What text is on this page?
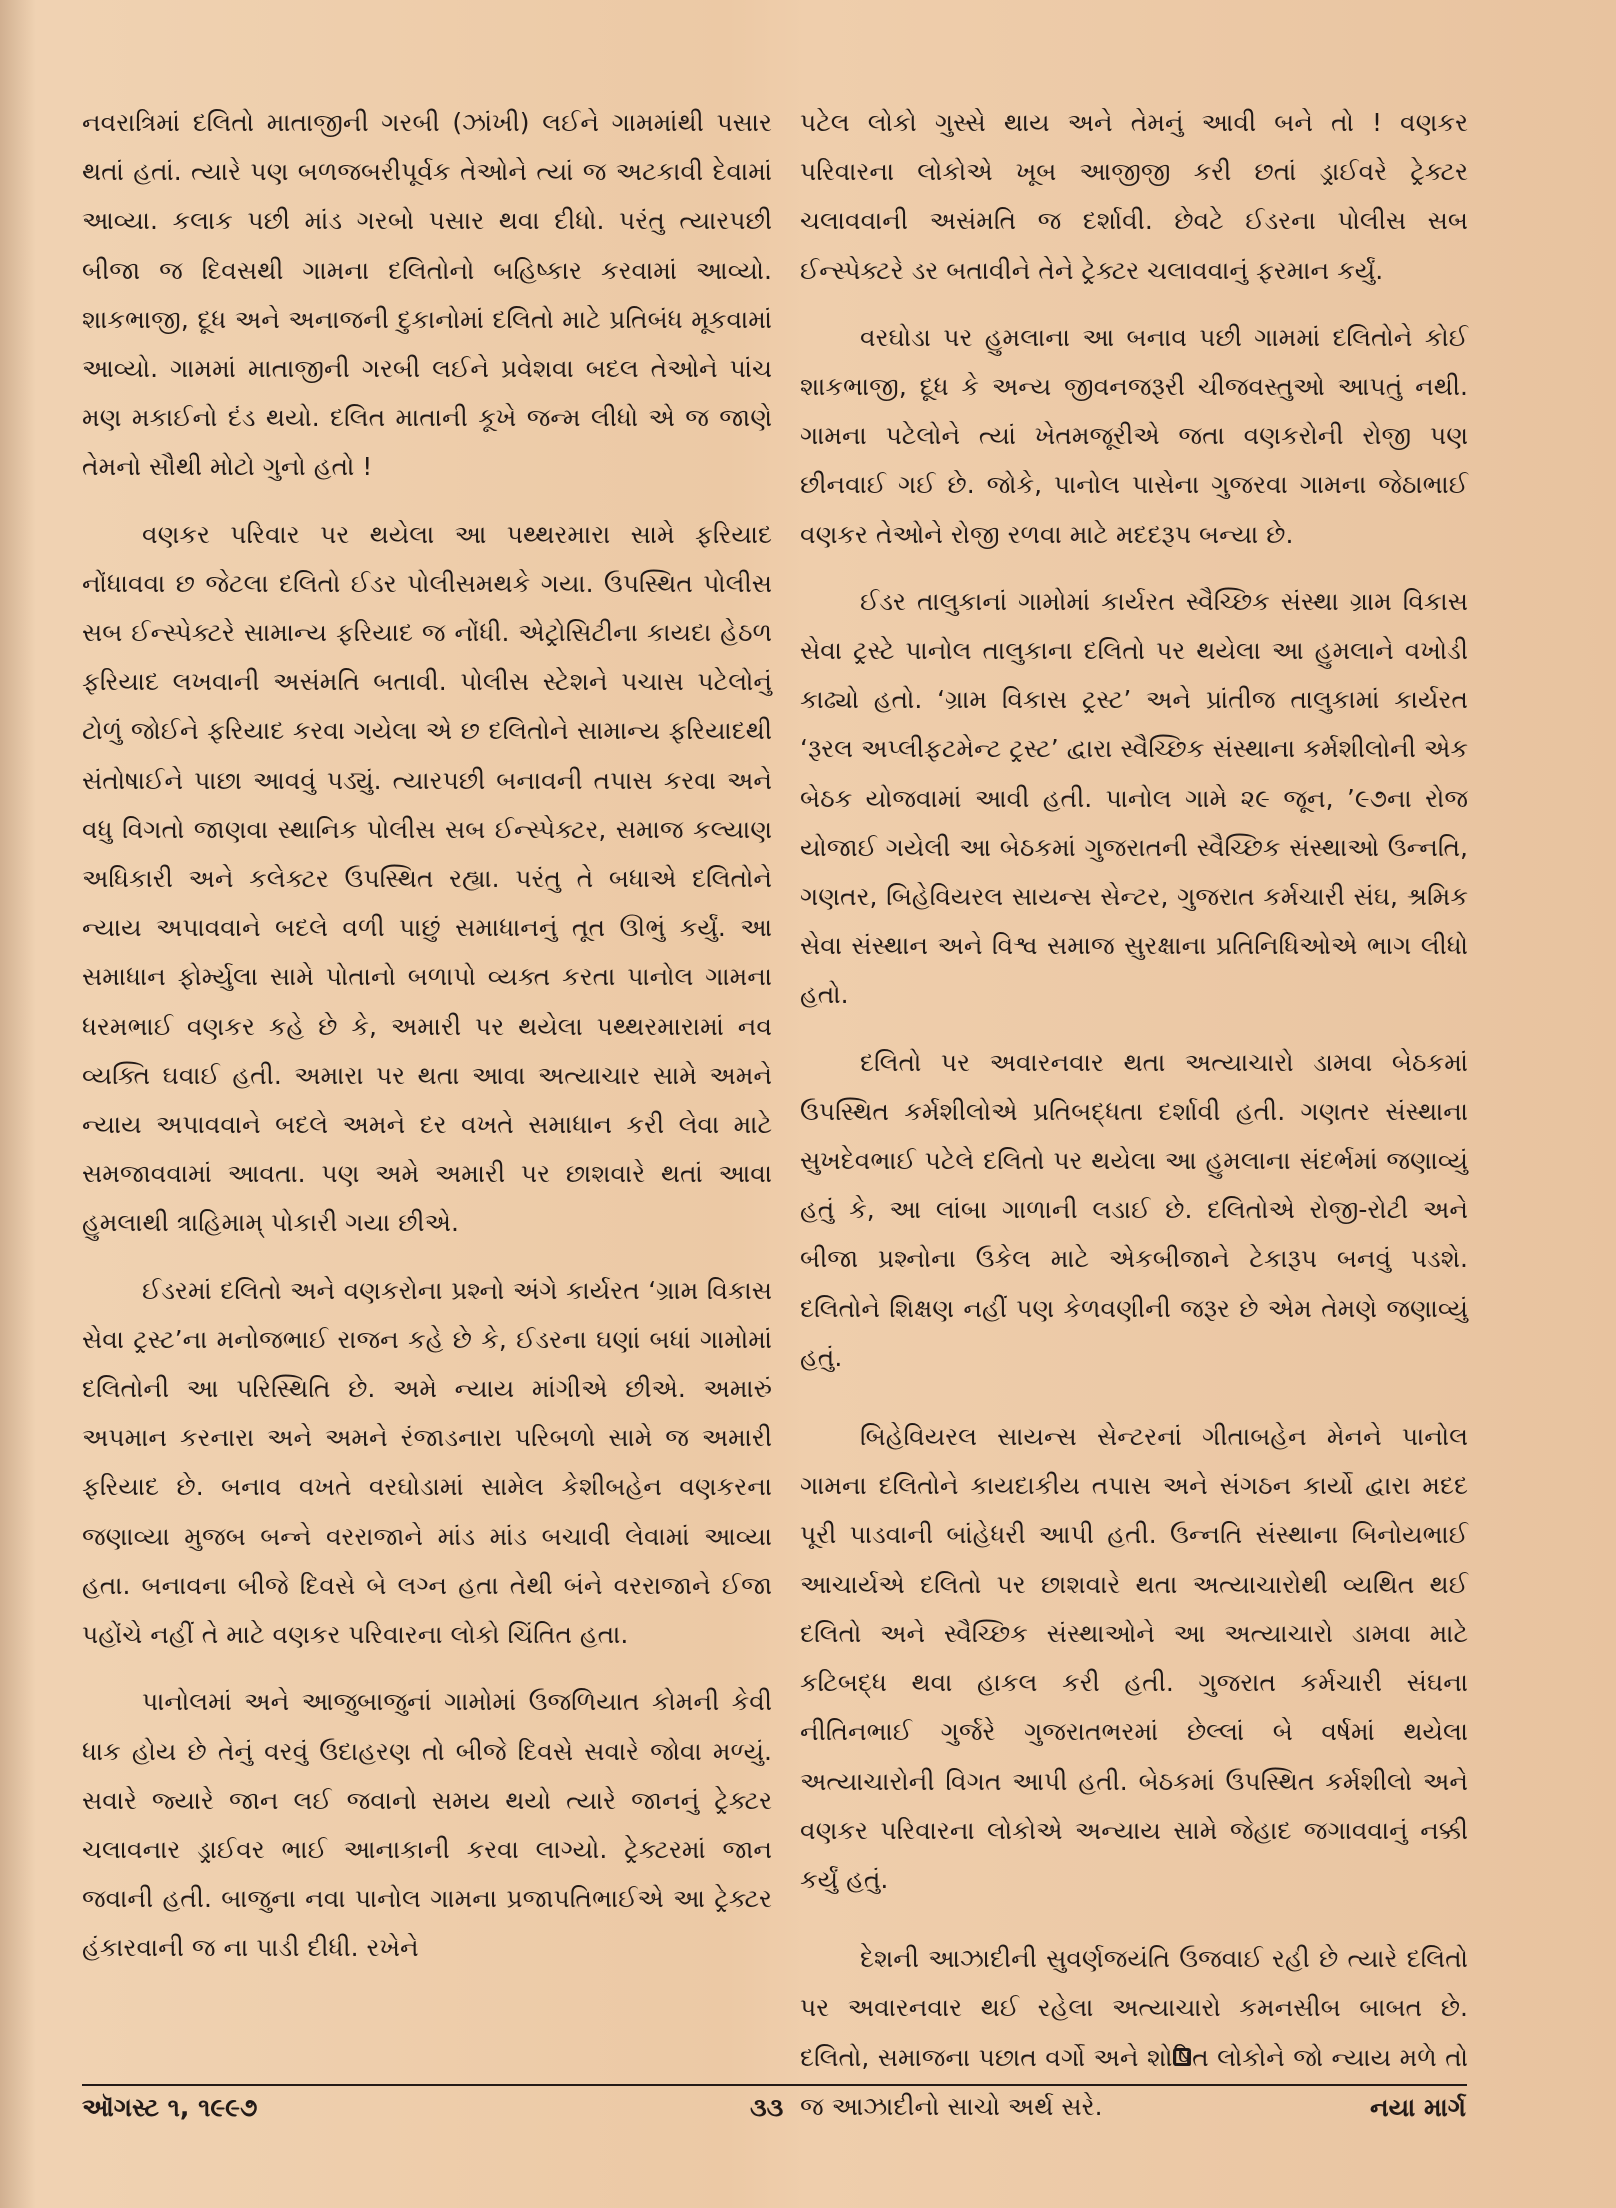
નવરાત્રિમાં દલિતો માતાજીની ગરબી (ઝાંખી) લઈને ગામમાંથી પસાર થતાં હતાં. ત્યારે પણ બળજબરીપૂર્વક તેઓને ત્યાં જ અટકાવી દેવામાં આવ્યા. કલાક પછી માંડ ગરબો પસાર થવા દીધો. પરંતુ ત્યારપછી બીજા જ દિવસથી ગામના દલિતોનો બહિષ્કાર કરવામાં આવ્યો. શાકભાજી, દૂધ અને અનાજની દુકાનોમાં દલિતો માટે પ્રતિબંધ મૂકવામાં આવ્યો. ગામમાં માતાજીની ગરબી લઈને પ્રવેશવા બદલ તેઓને પાંચ મણ મકાઈનો દંડ થયો. દલિત માતાની કૂખે જન્મ લીધો એ જ જાણે તેમનો સૌથી મોટો ગુનો હતો !

વણકર પરિવાર પર થયેલા આ પથ્થરમારા સામે ફરિયાદ નોંધાવવા છ જેટલા દલિતો ઈડર પોલીસમથકે ગયા. ઉપસ્થિત પોલીસ સબ ઈન્સ્પેક્ટરે સામાન્ય ફરિયાદ જ નોંધી. એટ્રોસિટીના કાયદા હેઠળ ફરિયાદ લખવાની અસંમતિ બતાવી. પોલીસ સ્ટેશને પચાસ પટેલોનું ટોળું જોઈને ફરિયાદ કરવા ગયેલા એ છ દલિતોને સામાન્ય ફરિયાદથી સંતોષાઈને પાછા આવવું પડ્યું. ત્યારપછી બનાવની તપાસ કરવા અને વધુ વિગતો જાણવા સ્થાનિક પોલીસ સબ ઈન્સ્પેક્ટર, સમાજ કલ્યાણ અધિકારી અને કલેક્ટર ઉપસ્થિત રહ્યા. પરંતુ તે બધાએ દલિતોને ન્યાય અપાવવાને બદલે વળી પાછું સમાધાનનું તૂત ઊભું કર્યું. આ સમાધાન ફોર્મ્યુલા સામે પોતાનો બળાપો વ્યક્ત કરતા પાનોલ ગામના ધરમભાઈ વણકર કહે છે કે, અમારી પર થયેલા પથ્થરમારામાં નવ વ્યક્તિ ઘવાઈ હતી. અમારા પર થતા આવા અત્યાચાર સામે અમને ન્યાય અપાવવાને બદલે અમને દર વખતે સમાધાન કરી લેવા માટે સમજાવવામાં આવતા. પણ અમે અમારી પર છાશવારે થતાં આવા હુમલાથી ત્રાહિમામ્ પોકારી ગયા છીએ.

ઈડરમાં દલિતો અને વણકરોના પ્રશ્નો અંગે કાર્યરત ‘ગ્રામ વિકાસ સેવા ટ્રસ્ટ’ના મનોજભાઈ રાજન કહે છે કે, ઈડરના ઘણાં બધાં ગામોમાં દલિતોની આ પરિસ્થિતિ છે. અમે ન્યાય માંગીએ છીએ. અમારું અપમાન કરનારા અને અમને રંજાડનારા પરિબળો સામે જ અમારી ફરિયાદ છે. બનાવ વખતે વરઘોડામાં સામેલ કેશીબહેન વણકરના જણાવ્યા મુજબ બન્ને વરરાજાને માંડ માંડ બચાવી લેવામાં આવ્યા હતા. બનાવના બીજે દિવસે બે લગ્ન હતા તેથી બંને વરરાજાને ઈજા પહોંચે નહીં તે માટે વણકર પરિવારના લોકો ચિંતિત હતા.

પાનોલમાં અને આજુબાજુનાં ગામોમાં ઉજળિયાત કોમની કેવી ધાક હોય છે તેનું વરવું ઉદાહરણ તો બીજે દિવસે સવારે જોવા મળ્યું. સવારે જ્યારે જાન લઈ જવાનો સમય થયો ત્યારે જાનનું ટ્રેક્ટર ચલાવનાર ડ્રાઈવર ભાઈ આનાકાની કરવા લાગ્યો. ટ્રેક્ટરમાં જાન જવાની હતી. બાજુના નવા પાનોલ ગામના પ્રજાપતિભાઈએ આ ટ્રેક્ટર હંકારવાની જ ના પાડી દીધી. રખેને

પટેલ લોકો ગુસ્સે થાય અને તેમનું આવી બને તો ! વણકર પરિવારના લોકોએ ખૂબ આજીજી કરી છતાં ડ્રાઈવરે ટ્રેક્ટર ચલાવવાની અસંમતિ જ દર્શાવી. છેવટે ઈડરના પોલીસ સબ ઈન્સ્પેક્ટરે ડર બતાવીને તેને ટ્રેક્ટર ચલાવવાનું ફરમાન કર્યું.

વરઘોડા પર હુમલાના આ બનાવ પછી ગામમાં દલિતોને કોઈ શાકભાજી, દૂધ કે અન્ય જીવનજરૂરી ચીજવસ્તુઓ આપતું નથી. ગામના પટેલોને ત્યાં ખેતમજૂરીએ જતા વણકરોની રોજી પણ છીનવાઈ ગઈ છે. જોકે, પાનોલ પાસેના ગુજરવા ગામના જેઠાભાઈ વણકર તેઓને રોજી રળવા માટે મદદરૂપ બન્યા છે.

ઈડર તાલુકાનાં ગામોમાં કાર્યરત સ્વૈચ્છિક સંસ્થા ગ્રામ વિકાસ સેવા ટ્રસ્ટે પાનોલ તાલુકાના દલિતો પર થયેલા આ હુમલાને વખોડી કાઢ્યો હતો. ‘ગ્રામ વિકાસ ટ્રસ્ટ’ અને પ્રાંતીજ તાલુકામાં કાર્યરત ‘રૂરલ અપ્લીફટમેન્ટ ટ્રસ્ટ’ દ્વારા સ્વૈચ્છિક સંસ્થાના કર્મશીલોની એક બેઠક યોજવામાં આવી હતી. પાનોલ ગામે ૨૯ જૂન, ’૯૭ના રોજ યોજાઈ ગયેલી આ બેઠકમાં ગુજરાતની સ્વૈચ્છિક સંસ્થાઓ ઉન્નતિ, ગણતર, બિહેવિયરલ સાયન્સ સેન્ટર, ગુજરાત કર્મચારી સંઘ, શ્રમિક સેવા સંસ્થાન અને વિશ્વ સમાજ સુરક્ષાના પ્રતિનિધિઓએ ભાગ લીધો હતો.

દલિતો પર અવારનવાર થતા અત્યાચારો ડામવા બેઠકમાં ઉપસ્થિત કર્મશીલોએ પ્રતિબદ્ધતા દર્શાવી હતી. ગણતર સંસ્થાના સુખદેવભાઈ પટેલે દલિતો પર થયેલા આ હુમલાના સંદર્ભમાં જણાવ્યું હતું કે, આ લાંબા ગાળાની લડાઈ છે. દલિતોએ રોજી-રોટી અને બીજા પ્રશ્નોના ઉકેલ માટે એકબીજાને ટેકારૂપ બનવું પડશે. દલિતોને શિક્ષણ નહીં પણ કેળવણીની જરૂર છે એમ તેમણે જણાવ્યું હતું.

બિહેવિયરલ સાયન્સ સેન્ટરનાં ગીતાબહેન મેનને પાનોલ ગામના દલિતોને કાયદાકીય તપાસ અને સંગઠન કાર્યો દ્વારા મદદ પૂરી પાડવાની બાંહેધરી આપી હતી. ઉન્નતિ સંસ્થાના બિનોયભાઈ આચાર્યએ દલિતો પર છાશવારે થતા અત્યાચારોથી વ્યથિત થઈ દલિતો અને સ્વૈચ્છિક સંસ્થાઓને આ અત્યાચારો ડામવા માટે કટિબદ્ધ થવા હાકલ કરી હતી. ગુજરાત કર્મચારી સંઘના નીતિનભાઈ ગુર્જરે ગુજરાતભરમાં છેલ્લાં બે વર્ષમાં થયેલા અત્યાચારોની વિગત આપી હતી. બેઠકમાં ઉપસ્થિત કર્મશીલો અને વણકર પરિવારના લોકોએ અન્યાય સામે જેહાદ જગાવવાનું નક્કી કર્યું હતું.

દેશની આઝાદીની સુવર્ણજયંતિ ઉજવાઈ રહી છે ત્યારે દલિતો પર અવારનવાર થઈ રહેલા અત્યાચારો કમનસીબ બાબત છે. દલિતો, સમાજના પછાત વર્ગો અને શોષિત લોકોને જો ન્યાય મળે તો જ આઝાદીનો સાચો અર્થ સરે.

ઑગસ્ટ ૧, ૧૯૯૭	૩૩	નયા માર્ગ
